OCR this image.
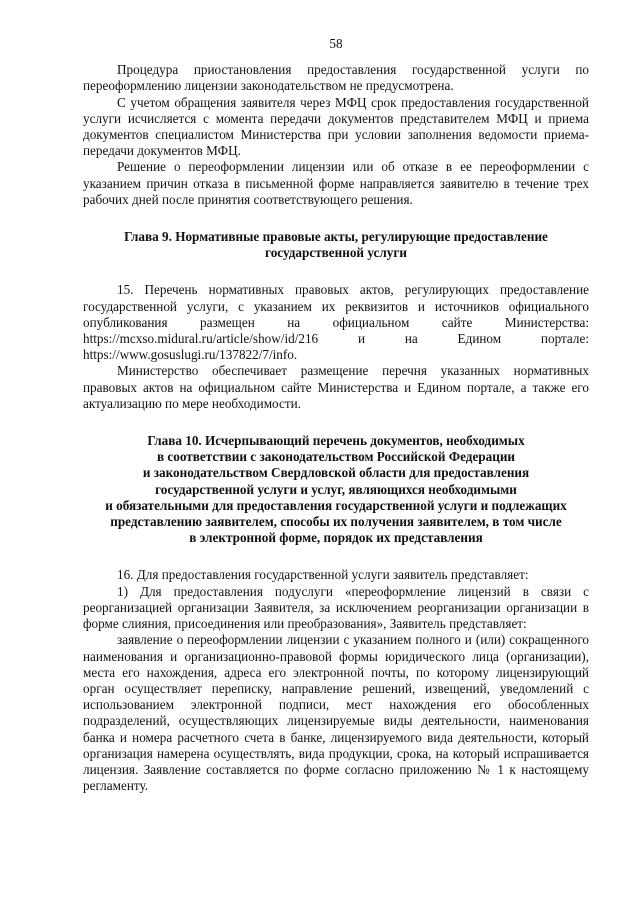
58

Процедура приостановления предоставления государственной услуги по переоформлению лицензии законодательством не предусмотрена.

С учетом обращения заявителя через МФЦ срок предоставления государственной услуги исчисляется с момента передачи документов представителем МФЦ и приема документов специалистом Министерства при условии заполнения ведомости приема-передачи документов МФЦ.

Решение о переоформлении лицензии или об отказе в ее переоформлении с указанием причин отказа в письменной форме направляется заявителю в течение трех рабочих дней после принятия соответствующего решения.

Глава 9. Нормативные правовые акты, регулирующие предоставление
государственной услуги

15. Перечень нормативных правовых актов, регулирующих предоставление государственной услуги, с указанием их реквизитов и источников официального опубликования размещен на официальном сайте Министерства: https://mcxso.midural.ru/article/show/id/216 и на Едином портале: https://www.gosuslugi.ru/137822/7/info.

Министерство обеспечивает размещение перечня указанных нормативных правовых актов на официальном сайте Министерства и Едином портале, а также его актуализацию по мере необходимости.

Глава 10. Исчерпывающий перечень документов, необходимых
в соответствии с законодательством Российской Федерации
и законодательством Свердловской области для предоставления
государственной услуги и услуг, являющихся необходимыми
и обязательными для предоставления государственной услуги и подлежащих
представлению заявителем, способы их получения заявителем, в том числе
в электронной форме, порядок их представления

16. Для предоставления государственной услуги заявитель представляет:

1) Для предоставления подуслуги «переоформление лицензий в связи с реорганизацией организации Заявителя, за исключением реорганизации организации в форме слияния, присоединения или преобразования», Заявитель представляет:

заявление о переоформлении лицензии с указанием полного и (или) сокращенного наименования и организационно-правовой формы юридического лица (организации), места его нахождения, адреса его электронной почты, по которому лицензирующий орган осуществляет переписку, направление решений, извещений, уведомлений с использованием электронной подписи, мест нахождения его обособленных подразделений, осуществляющих лицензируемые виды деятельности, наименования банка и номера расчетного счета в банке, лицензируемого вида деятельности, который организация намерена осуществлять, вида продукции, срока, на который испрашивается лицензия. Заявление составляется по форме согласно приложению № 1 к настоящему регламенту.
